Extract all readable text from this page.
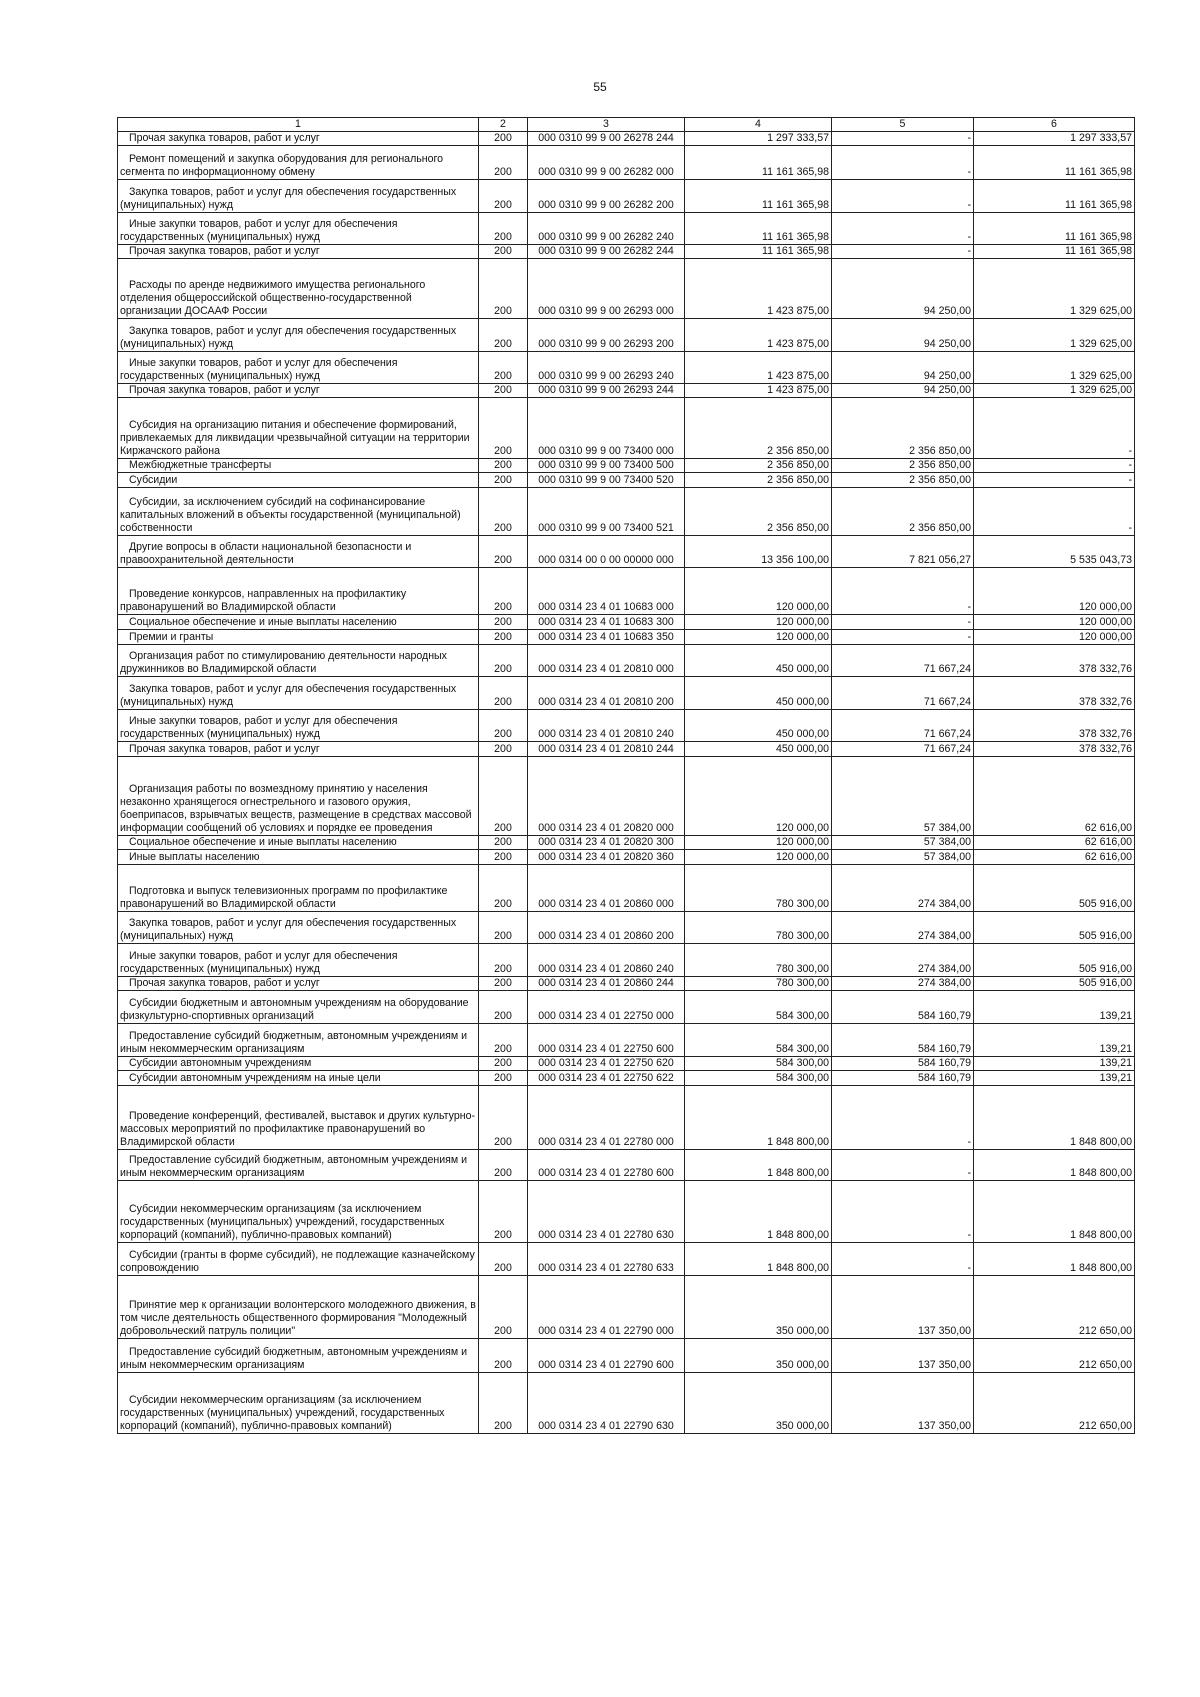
55
1	2	3	4	5	6
Прочая закупка товаров, работ и услуг	200	000 0310 99 9 00 26278 244	1 297 333,57	-	1 297 333,57
Ремонт помещений и закупка оборудования для регионального сегмента по информационному обмену	200	000 0310 99 9 00 26282 000	11 161 365,98	-	11 161 365,98
Закупка товаров, работ и услуг для обеспечения государственных (муниципальных) нужд	200	000 0310 99 9 00 26282 200	11 161 365,98	-	11 161 365,98
Иные закупки товаров, работ и услуг для обеспечения государственных (муниципальных) нужд	200	000 0310 99 9 00 26282 240	11 161 365,98	-	11 161 365,98
Прочая закупка товаров, работ и услуг	200	000 0310 99 9 00 26282 244	11 161 365,98	-	11 161 365,98
Расходы по аренде недвижимого имущества регионального отделения общероссийской общественно-государственной организации ДОСААФ России	200	000 0310 99 9 00 26293 000	1 423 875,00	94 250,00	1 329 625,00
Закупка товаров, работ и услуг для обеспечения государственных (муниципальных) нужд	200	000 0310 99 9 00 26293 200	1 423 875,00	94 250,00	1 329 625,00
Иные закупки товаров, работ и услуг для обеспечения государственных (муниципальных) нужд	200	000 0310 99 9 00 26293 240	1 423 875,00	94 250,00	1 329 625,00
Прочая закупка товаров, работ и услуг	200	000 0310 99 9 00 26293 244	1 423 875,00	94 250,00	1 329 625,00
Субсидия на организацию питания и обеспечение формирований, привлекаемых для ликвидации чрезвычайной ситуации на территории Киржачского района	200	000 0310 99 9 00 73400 000	2 356 850,00	2 356 850,00	-
Межбюджетные трансферты	200	000 0310 99 9 00 73400 500	2 356 850,00	2 356 850,00	-
Субсидии	200	000 0310 99 9 00 73400 520	2 356 850,00	2 356 850,00	-
Субсидии, за исключением субсидий на софинансирование капитальных вложений в объекты государственной (муниципальной) собственности	200	000 0310 99 9 00 73400 521	2 356 850,00	2 356 850,00	-
Другие вопросы в области национальной безопасности и правоохранительной деятельности	200	000 0314 00 0 00 00000 000	13 356 100,00	7 821 056,27	5 535 043,73
Проведение конкурсов, направленных на профилактику правонарушений во Владимирской области	200	000 0314 23 4 01 10683 000	120 000,00	-	120 000,00
Социальное обеспечение и иные выплаты населению	200	000 0314 23 4 01 10683 300	120 000,00	-	120 000,00
Премии и гранты	200	000 0314 23 4 01 10683 350	120 000,00	-	120 000,00
Организация работ по стимулированию деятельности народных дружинников во Владимирской области	200	000 0314 23 4 01 20810 000	450 000,00	71 667,24	378 332,76
Закупка товаров, работ и услуг для обеспечения государственных (муниципальных) нужд	200	000 0314 23 4 01 20810 200	450 000,00	71 667,24	378 332,76
Иные закупки товаров, работ и услуг для обеспечения государственных (муниципальных) нужд	200	000 0314 23 4 01 20810 240	450 000,00	71 667,24	378 332,76
Прочая закупка товаров, работ и услуг	200	000 0314 23 4 01 20810 244	450 000,00	71 667,24	378 332,76
Организация работы по возмездному принятию у населения незаконно хранящегося огнестрельного и газового оружия, боеприпасов, взрывчатых веществ, размещение в средствах массовой информации сообщений об условиях и порядке ее проведения	200	000 0314 23 4 01 20820 000	120 000,00	57 384,00	62 616,00
Социальное обеспечение и иные выплаты населению	200	000 0314 23 4 01 20820 300	120 000,00	57 384,00	62 616,00
Иные выплаты населению	200	000 0314 23 4 01 20820 360	120 000,00	57 384,00	62 616,00
Подготовка и выпуск телевизионных программ по профилактике правонарушений во Владимирской области	200	000 0314 23 4 01 20860 000	780 300,00	274 384,00	505 916,00
Закупка товаров, работ и услуг для обеспечения государственных (муниципальных) нужд	200	000 0314 23 4 01 20860 200	780 300,00	274 384,00	505 916,00
Иные закупки товаров, работ и услуг для обеспечения государственных (муниципальных) нужд	200	000 0314 23 4 01 20860 240	780 300,00	274 384,00	505 916,00
Прочая закупка товаров, работ и услуг	200	000 0314 23 4 01 20860 244	780 300,00	274 384,00	505 916,00
Субсидии бюджетным и автономным учреждениям на оборудование физкультурно-спортивных организаций	200	000 0314 23 4 01 22750 000	584 300,00	584 160,79	139,21
Предоставление субсидий бюджетным, автономным учреждениям и иным некоммерческим организациям	200	000 0314 23 4 01 22750 600	584 300,00	584 160,79	139,21
Субсидии автономным учреждениям	200	000 0314 23 4 01 22750 620	584 300,00	584 160,79	139,21
Субсидии автономным учреждениям на иные цели	200	000 0314 23 4 01 22750 622	584 300,00	584 160,79	139,21
Проведение конференций, фестивалей, выставок и других культурно-массовых мероприятий по профилактике правонарушений во Владимирской области	200	000 0314 23 4 01 22780 000	1 848 800,00	-	1 848 800,00
Предоставление субсидий бюджетным, автономным учреждениям и иным некоммерческим организациям	200	000 0314 23 4 01 22780 600	1 848 800,00	-	1 848 800,00
Субсидии некоммерческим организациям (за исключением государственных (муниципальных) учреждений, государственных корпораций (компаний), публично-правовых компаний)	200	000 0314 23 4 01 22780 630	1 848 800,00	-	1 848 800,00
Субсидии (гранты в форме субсидий), не подлежащие казначейскому сопровождению	200	000 0314 23 4 01 22780 633	1 848 800,00	-	1 848 800,00
Принятие мер к организации волонтерского молодежного движения, в том числе деятельность общественного формирования "Молодежный добровольческий патруль полиции"	200	000 0314 23 4 01 22790 000	350 000,00	137 350,00	212 650,00
Предоставление субсидий бюджетным, автономным учреждениям и иным некоммерческим организациям	200	000 0314 23 4 01 22790 600	350 000,00	137 350,00	212 650,00
Субсидии некоммерческим организациям (за исключением государственных (муниципальных) учреждений, государственных корпораций (компаний), публично-правовых компаний)	200	000 0314 23 4 01 22790 630	350 000,00	137 350,00	212 650,00
